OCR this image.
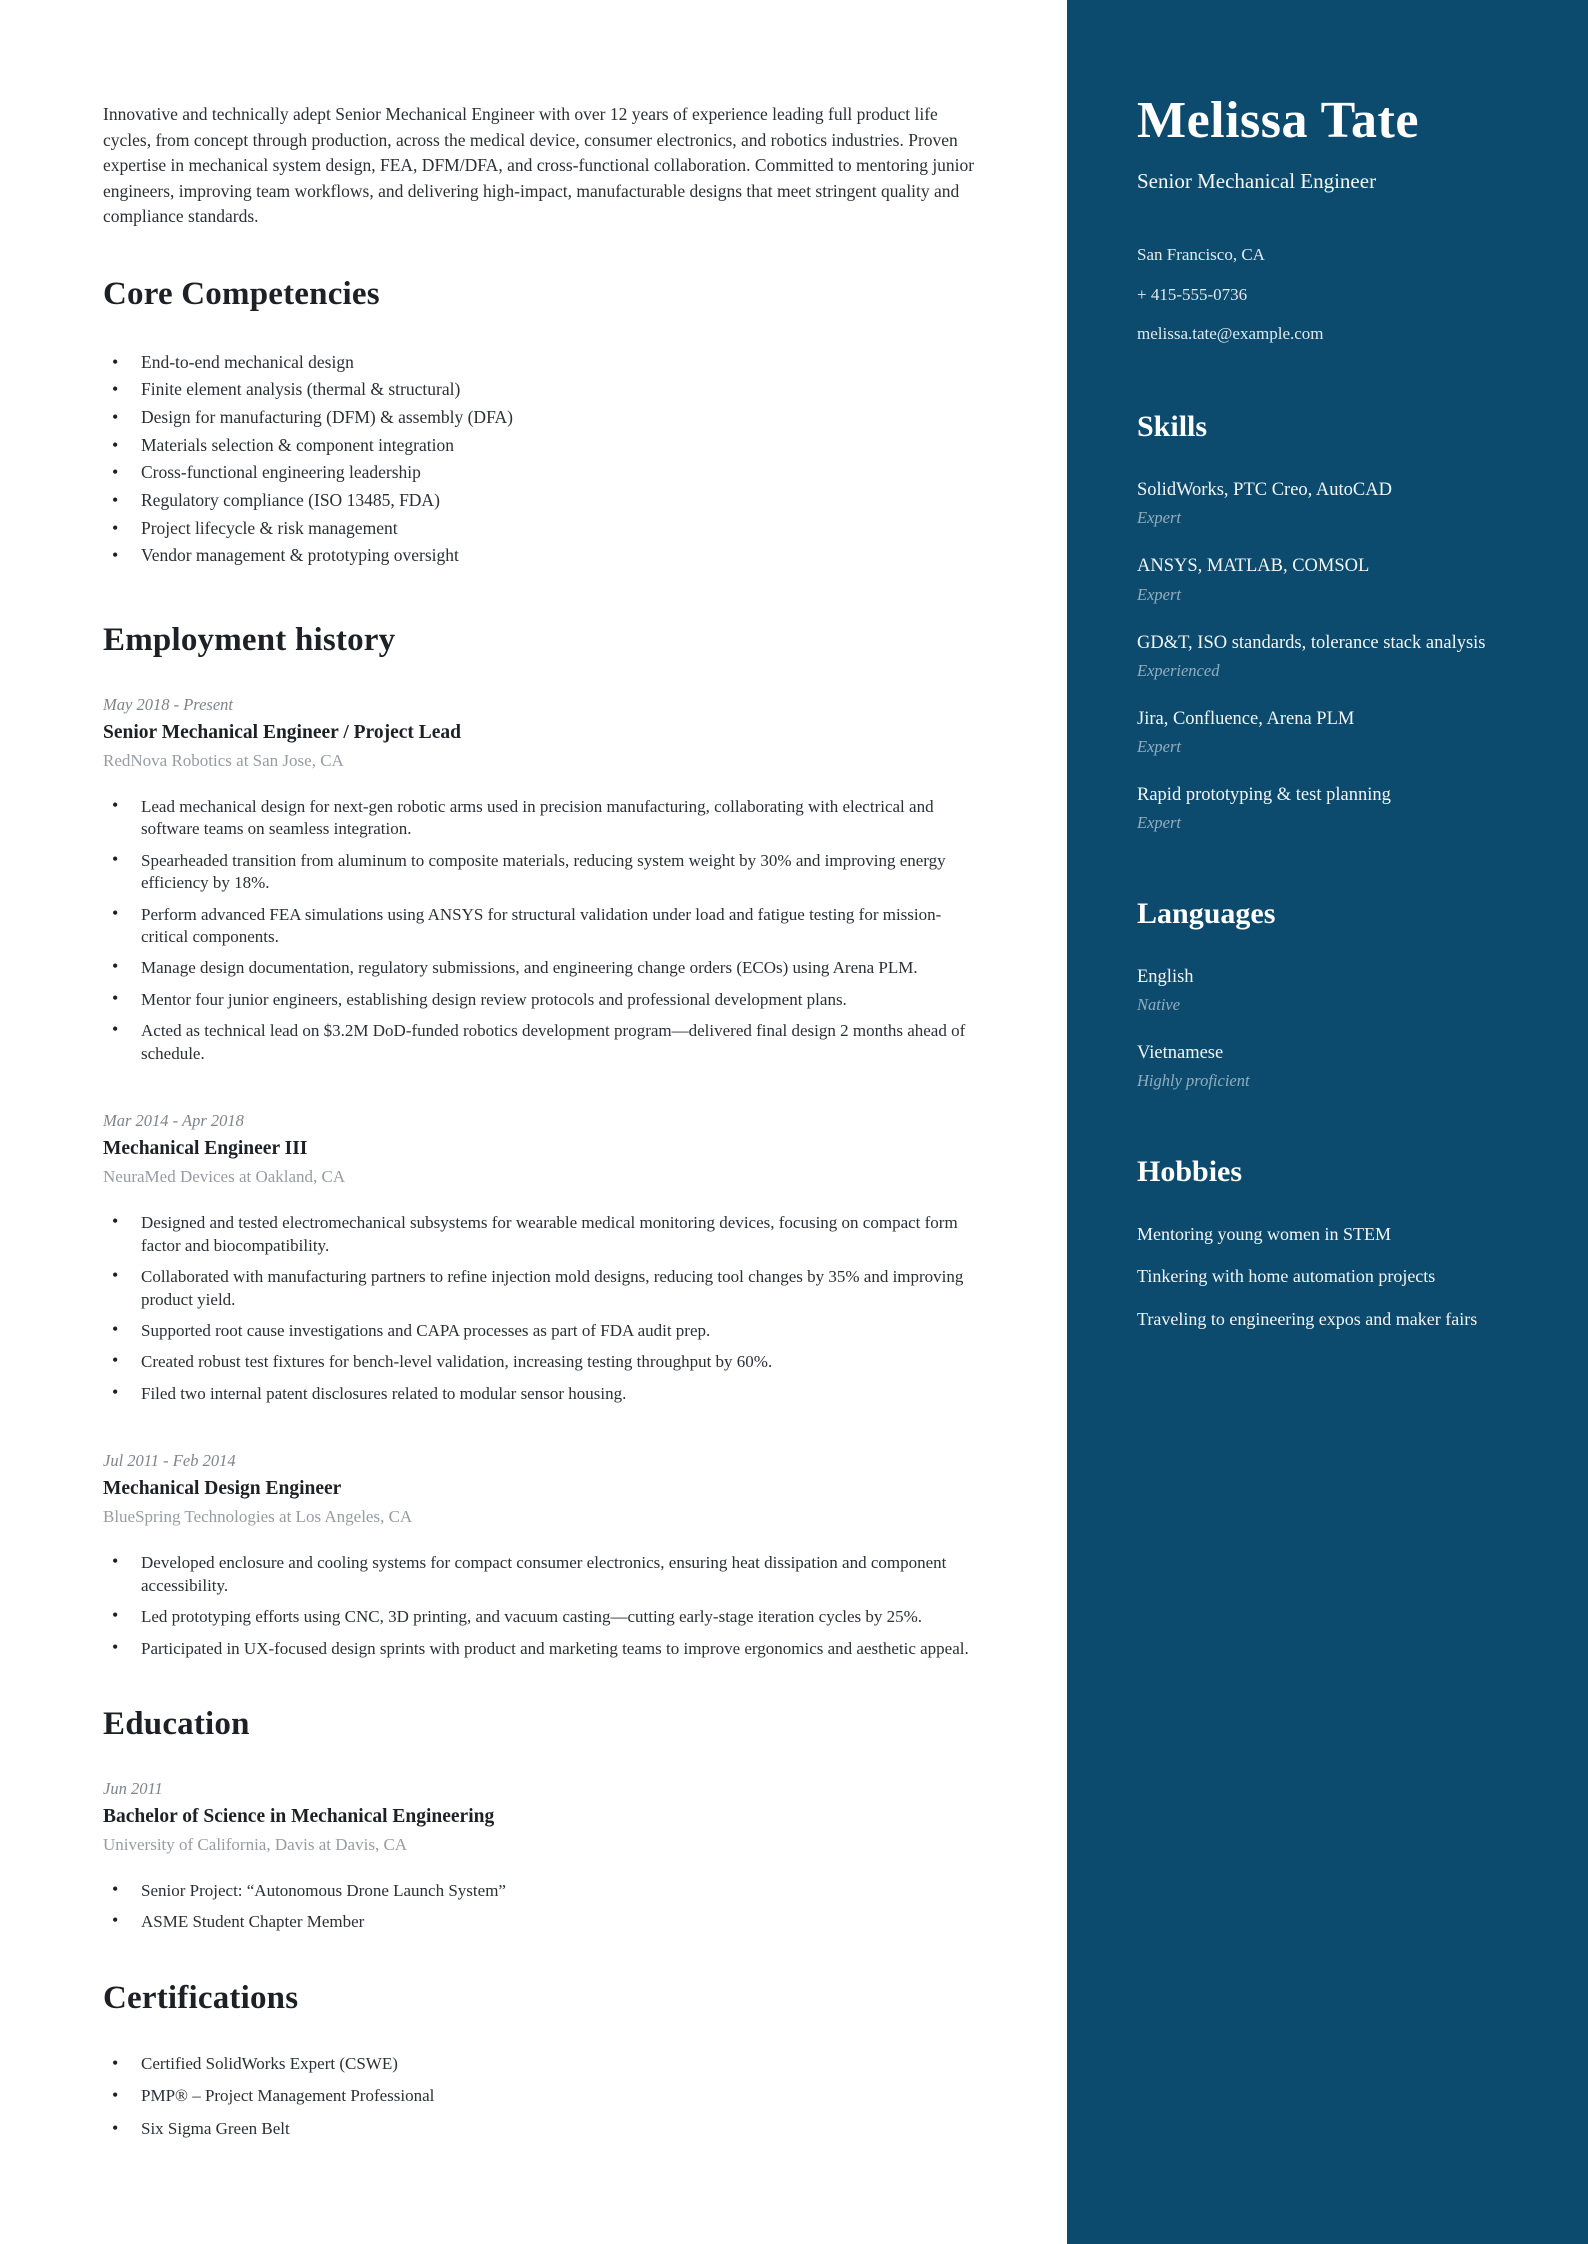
Innovative and technically adept Senior Mechanical Engineer with over 12 years of experience leading full product life cycles, from concept through production, across the medical device, consumer electronics, and robotics industries. Proven expertise in mechanical system design, FEA, DFM/DFA, and cross-functional collaboration. Committed to mentoring junior engineers, improving team workflows, and delivering high-impact, manufacturable designs that meet stringent quality and compliance standards.

Core Competencies
• End-to-end mechanical design
• Finite element analysis (thermal & structural)
• Design for manufacturing (DFM) & assembly (DFA)
• Materials selection & component integration
• Cross-functional engineering leadership
• Regulatory compliance (ISO 13485, FDA)
• Project lifecycle & risk management
• Vendor management & prototyping oversight
Employment history
May 2018 - Present
Senior Mechanical Engineer / Project Lead
RedNova Robotics at San Jose, CA
• Lead mechanical design for next-gen robotic arms used in precision manufacturing, collaborating with electrical and software teams on seamless integration.
• Spearheaded transition from aluminum to composite materials, reducing system weight by 30% and improving energy efficiency by 18%.
• Perform advanced FEA simulations using ANSYS for structural validation under load and fatigue testing for mission-critical components.
• Manage design documentation, regulatory submissions, and engineering change orders (ECOs) using Arena PLM.
• Mentor four junior engineers, establishing design review protocols and professional development plans.
• Acted as technical lead on $3.2M DoD-funded robotics development program—delivered final design 2 months ahead of schedule.
Mar 2014 - Apr 2018
Mechanical Engineer III
NeuraMed Devices at Oakland, CA
• Designed and tested electromechanical subsystems for wearable medical monitoring devices, focusing on compact form factor and biocompatibility.
• Collaborated with manufacturing partners to refine injection mold designs, reducing tool changes by 35% and improving product yield.
• Supported root cause investigations and CAPA processes as part of FDA audit prep.
• Created robust test fixtures for bench-level validation, increasing testing throughput by 60%.
• Filed two internal patent disclosures related to modular sensor housing.
Jul 2011 - Feb 2014
Mechanical Design Engineer
BlueSpring Technologies at Los Angeles, CA
• Developed enclosure and cooling systems for compact consumer electronics, ensuring heat dissipation and component accessibility.
• Led prototyping efforts using CNC, 3D printing, and vacuum casting—cutting early-stage iteration cycles by 25%.
• Participated in UX-focused design sprints with product and marketing teams to improve ergonomics and aesthetic appeal.
Education
Jun 2011
Bachelor of Science in Mechanical Engineering
University of California, Davis at Davis, CA
• Senior Project: “Autonomous Drone Launch System”
• ASME Student Chapter Member
Certifications
• Certified SolidWorks Expert (CSWE)
• PMP® – Project Management Professional
• Six Sigma Green Belt
Melissa Tate
Senior Mechanical Engineer
San Francisco, CA
+ 415-555-0736
melissa.tate@example.com
Skills
SolidWorks, PTC Creo, AutoCAD
Expert
ANSYS, MATLAB, COMSOL
Expert
GD&T, ISO standards, tolerance stack analysis
Experienced
Jira, Confluence, Arena PLM
Expert
Rapid prototyping & test planning
Expert
Languages
English
Native
Vietnamese
Highly proficient
Hobbies
Mentoring young women in STEM
Tinkering with home automation projects
Traveling to engineering expos and maker fairs
